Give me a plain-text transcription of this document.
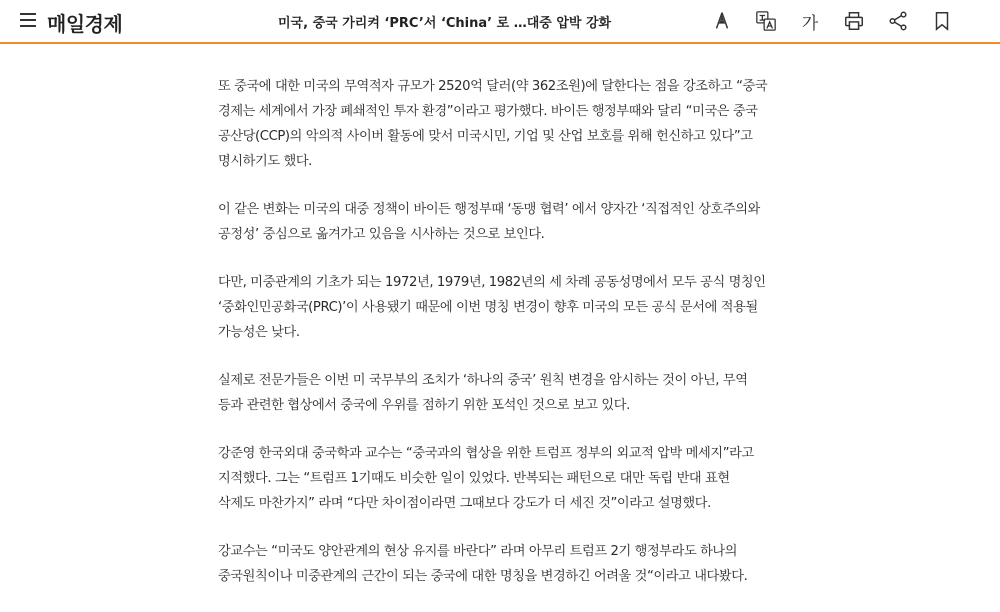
매일경제	미국, 중국 가리켜 ‘PRC’서 ‘China’ 로 …대중 압박 강화	가

또 중국에 대한 미국의 무역적자 규모가 2520억 달러(약 362조원)에 달한다는 점을 강조하고 “중국 경제는 세계에서 가장 폐쇄적인 투자 환경”이라고 평가했다. 바이든 행정부때와 달리 “미국은 중국 공산당(CCP)의 악의적 사이버 활동에 맞서 미국시민, 기업 및 산업 보호를 위해 헌신하고 있다”고 명시하기도 했다.

이 같은 변화는 미국의 대중 정책이 바이든 행정부때 ‘동맹 협력’ 에서 양자간 ‘직접적인 상호주의와 공정성’ 중심으로 옮겨가고 있음을 시사하는 것으로 보인다.

다만, 미중관계의 기초가 되는 1972년, 1979년, 1982년의 세 차례 공동성명에서 모두 공식 명칭인 ‘중화인민공화국(PRC)’이 사용됐기 때문에 이번 명칭 변경이 향후 미국의 모든 공식 문서에 적용될 가능성은 낮다.

실제로 전문가들은 이번 미 국무부의 조치가 ‘하나의 중국’ 원칙 변경을 암시하는 것이 아닌, 무역 등과 관련한 협상에서 중국에 우위를 점하기 위한 포석인 것으로 보고 있다.

강준영 한국외대 중국학과 교수는 “중국과의 협상을 위한 트럼프 정부의 외교적 압박 메세지”라고 지적했다. 그는 “트럼프 1기때도 비슷한 일이 있었다. 반복되는 패턴으로 대만 독립 반대 표현 삭제도 마찬가지” 라며 “다만 차이점이라면 그때보다 강도가 더 세진 것”이라고 설명했다.

강교수는 “미국도 양안관계의 현상 유지를 바란다” 라며 아무리 트럼프 2기 행정부라도 하나의 중국원칙이나 미중관계의 근간이 되는 중국에 대한 명칭을 변경하긴 어려울 것“이라고 내다봤다.
